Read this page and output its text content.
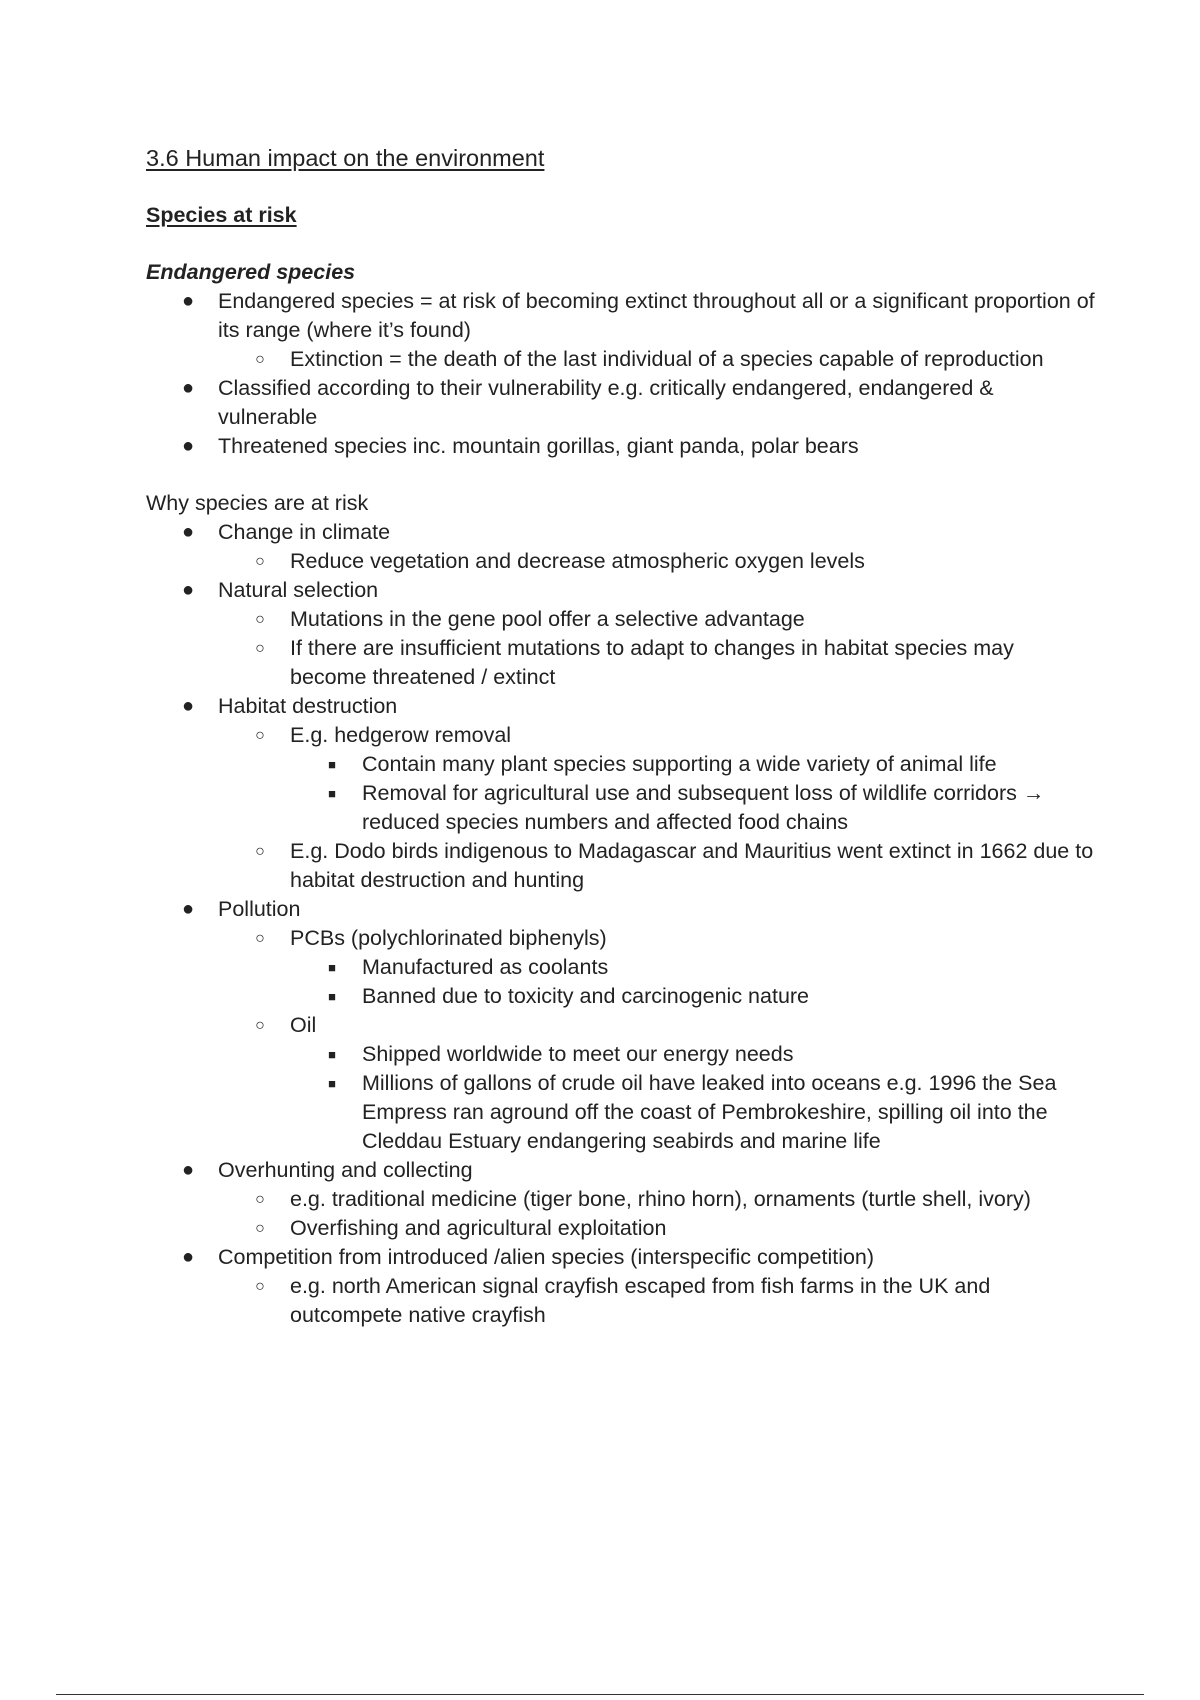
3.6 Human impact on the environment
Species at risk
Endangered species
● Endangered species = at risk of becoming extinct throughout all or a significant proportion of its range (where it’s found)
○ Extinction = the death of the last individual of a species capable of reproduction
● Classified according to their vulnerability e.g. critically endangered, endangered & vulnerable
● Threatened species inc. mountain gorillas, giant panda, polar bears
Why species are at risk
● Change in climate
○ Reduce vegetation and decrease atmospheric oxygen levels
● Natural selection
○ Mutations in the gene pool offer a selective advantage
○ If there are insufficient mutations to adapt to changes in habitat species may become threatened / extinct
● Habitat destruction
○ E.g. hedgerow removal
■ Contain many plant species supporting a wide variety of animal life
■ Removal for agricultural use and subsequent loss of wildlife corridors → reduced species numbers and affected food chains
○ E.g. Dodo birds indigenous to Madagascar and Mauritius went extinct in 1662 due to habitat destruction and hunting
● Pollution
○ PCBs (polychlorinated biphenyls)
■ Manufactured as coolants
■ Banned due to toxicity and carcinogenic nature
○ Oil
■ Shipped worldwide to meet our energy needs
■ Millions of gallons of crude oil have leaked into oceans e.g. 1996 the Sea Empress ran aground off the coast of Pembrokeshire, spilling oil into the Cleddau Estuary endangering seabirds and marine life
● Overhunting and collecting
○ e.g. traditional medicine (tiger bone, rhino horn), ornaments (turtle shell, ivory)
○ Overfishing and agricultural exploitation
● Competition from introduced /alien species (interspecific competition)
○ e.g. north American signal crayfish escaped from fish farms in the UK and outcompete native crayfish
